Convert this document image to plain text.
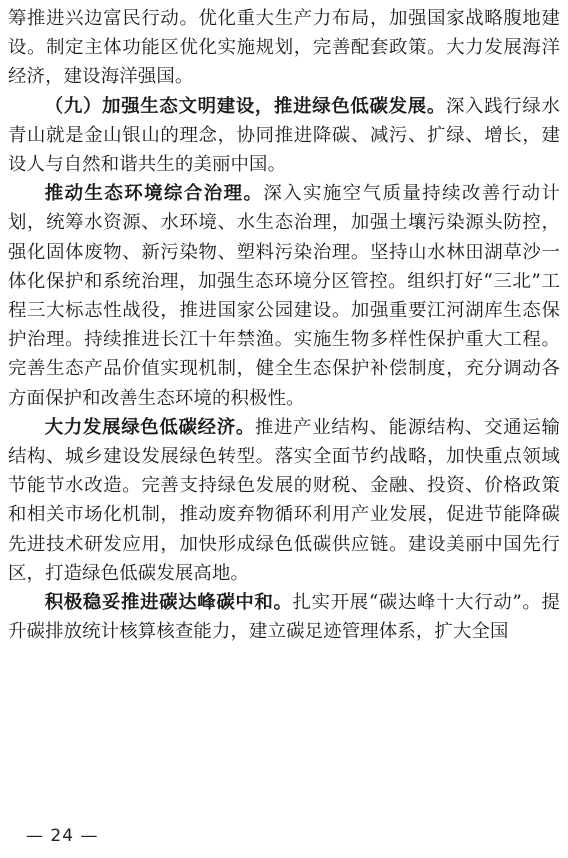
筹推进兴边富民行动。优化重大生产力布局，加强国家战略腹地建设。制定主体功能区优化实施规划，完善配套政策。大力发展海洋经济，建设海洋强国。

（九）加强生态文明建设，推进绿色低碳发展。深入践行绿水青山就是金山银山的理念，协同推进降碳、减污、扩绿、增长，建设人与自然和谐共生的美丽中国。

推动生态环境综合治理。深入实施空气质量持续改善行动计划，统筹水资源、水环境、水生态治理，加强土壤污染源头防控，强化固体废物、新污染物、塑料污染治理。坚持山水林田湖草沙一体化保护和系统治理，加强生态环境分区管控。组织打好“三北”工程三大标志性战役，推进国家公园建设。加强重要江河湖库生态保护治理。持续推进长江十年禁渔。实施生物多样性保护重大工程。完善生态产品价值实现机制，健全生态保护补偿制度，充分调动各方面保护和改善生态环境的积极性。

大力发展绿色低碳经济。推进产业结构、能源结构、交通运输结构、城乡建设发展绿色转型。落实全面节约战略，加快重点领域节能节水改造。完善支持绿色发展的财税、金融、投资、价格政策和相关市场化机制，推动废弃物循环利用产业发展，促进节能降碳先进技术研发应用，加快形成绿色低碳供应链。建设美丽中国先行区，打造绿色低碳发展高地。

积极稳妥推进碳达峰碳中和。扎实开展“碳达峰十大行动”。提升碳排放统计核算核查能力，建立碳足迹管理体系，扩大全国

— 24 —
